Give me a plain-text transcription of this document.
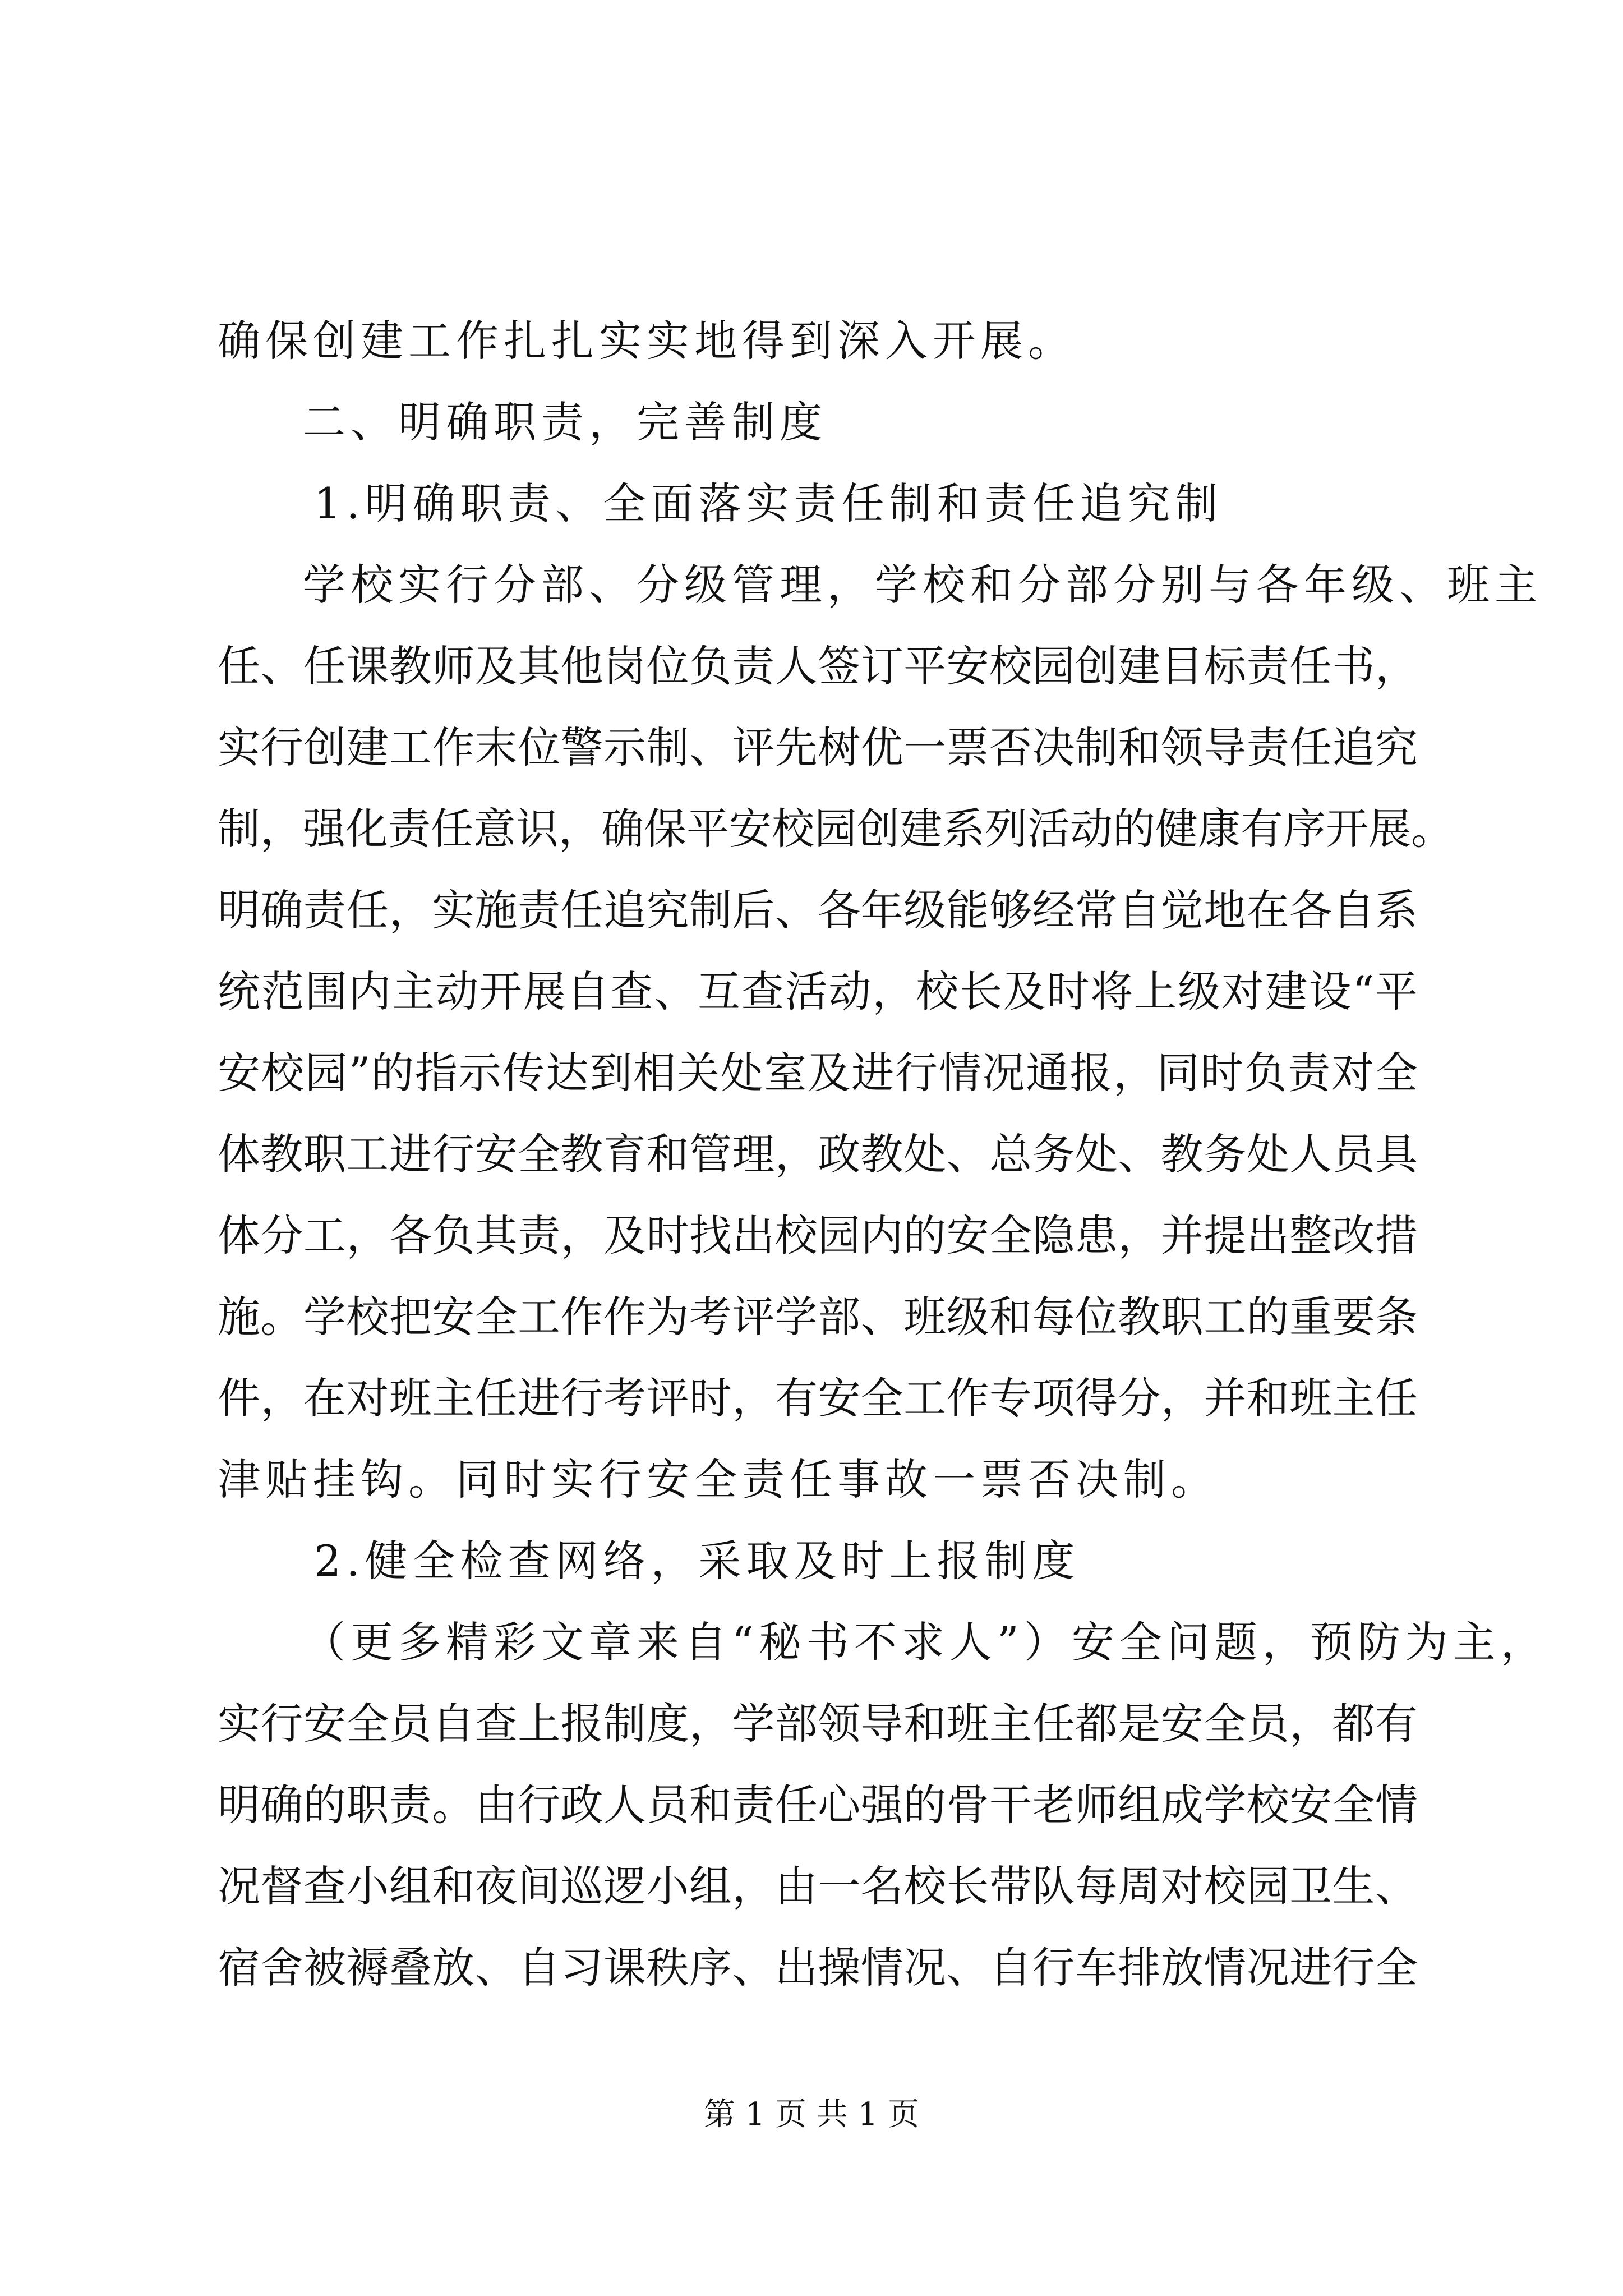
确保创建工作扎扎实实地得到深入开展。
二、明确职责，完善制度
1.明确职责、全面落实责任制和责任追究制
学校实行分部、分级管理，学校和分部分别与各年级、班主
任、任课教师及其他岗位负责人签订平安校园创建目标责任书，
实行创建工作末位警示制、评先树优一票否决制和领导责任追究
制，强化责任意识，确保平安校园创建系列活动的健康有序开展。
明确责任，实施责任追究制后、各年级能够经常自觉地在各自系
统范围内主动开展自查、互查活动，校长及时将上级对建设“平
安校园”的指示传达到相关处室及进行情况通报，同时负责对全
体教职工进行安全教育和管理，政教处、总务处、教务处人员具
体分工，各负其责，及时找出校园内的安全隐患，并提出整改措
施。学校把安全工作作为考评学部、班级和每位教职工的重要条
件，在对班主任进行考评时，有安全工作专项得分，并和班主任
津贴挂钩。同时实行安全责任事故一票否决制。
2.健全检查网络，采取及时上报制度
（更多精彩文章来自“秘书不求人”）安全问题，预防为主，
实行安全员自查上报制度，学部领导和班主任都是安全员，都有
明确的职责。由行政人员和责任心强的骨干老师组成学校安全情
况督查小组和夜间巡逻小组，由一名校长带队每周对校园卫生、
宿舍被褥叠放、自习课秩序、出操情况、自行车排放情况进行全
第 1 页 共 1 页
